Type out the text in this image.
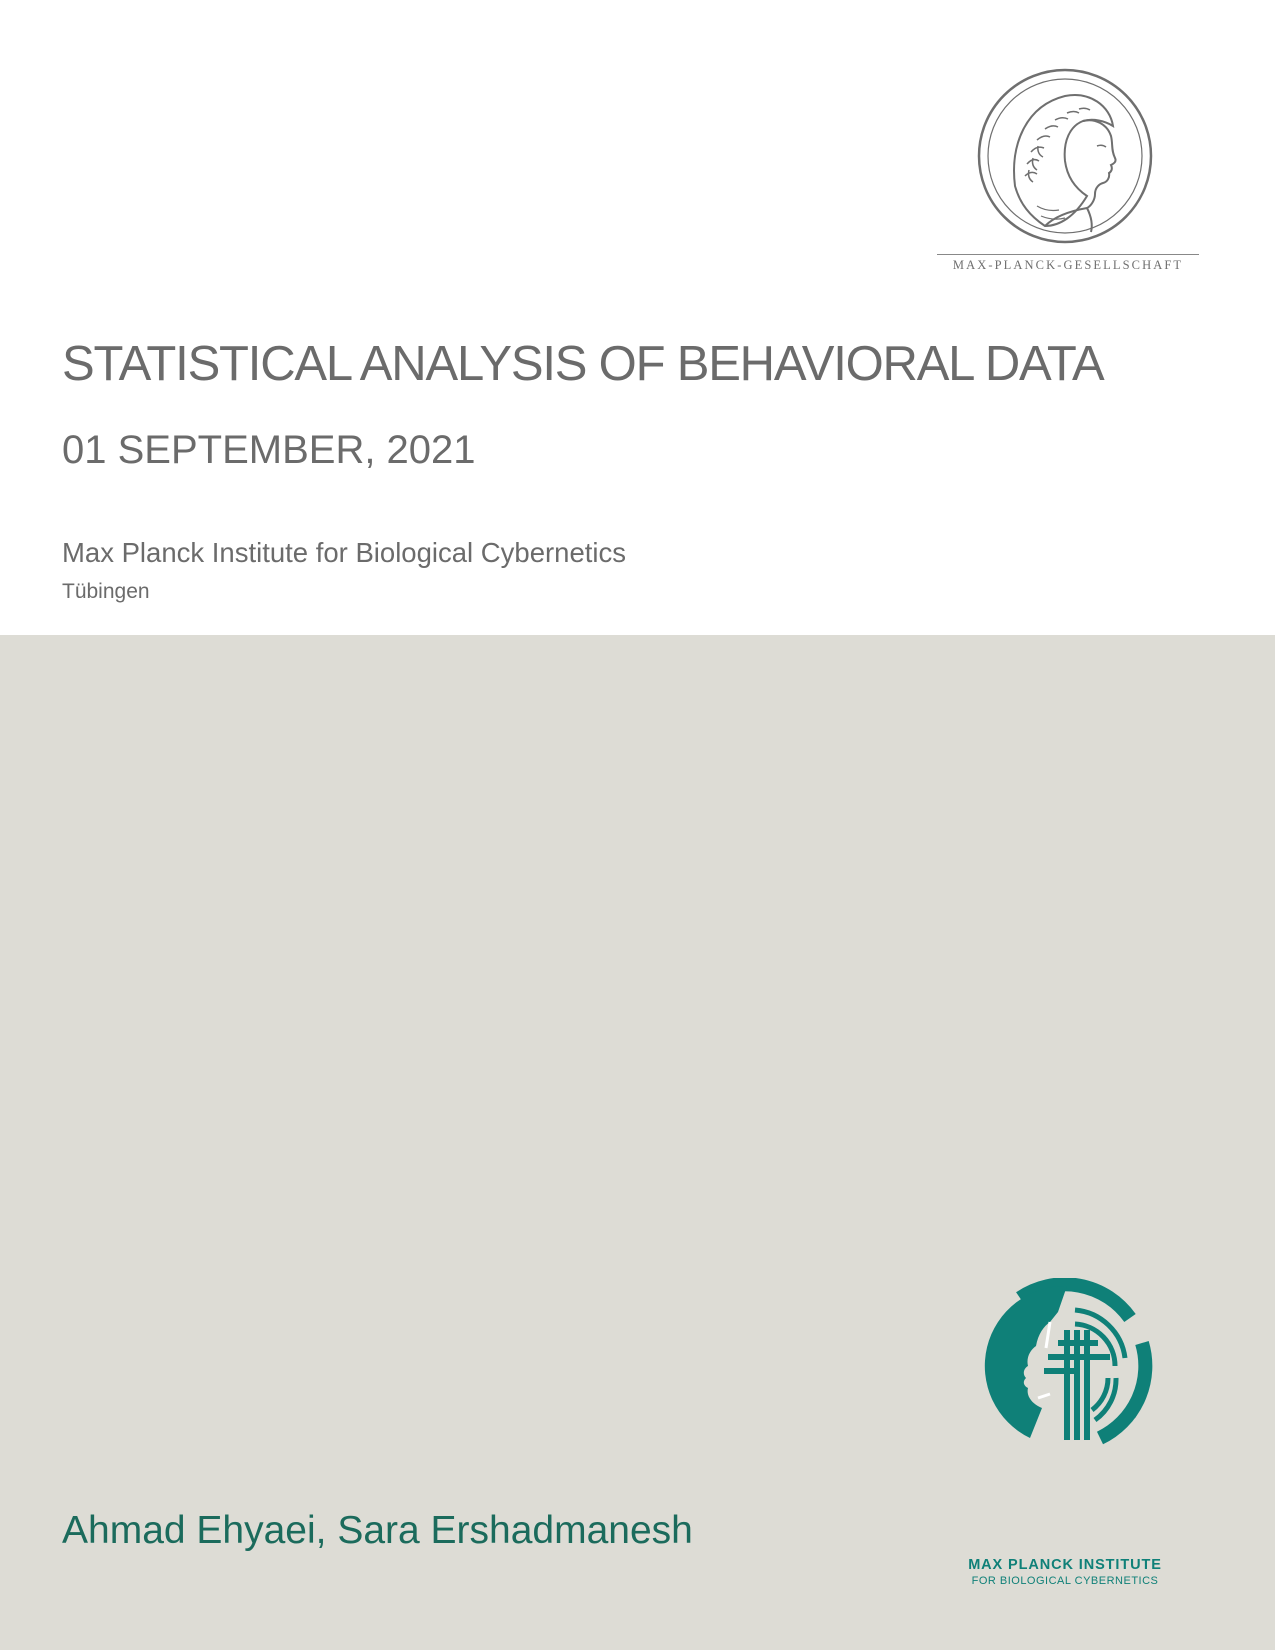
MAX-PLANCK-GESELLSCHAFT
STATISTICAL ANALYSIS OF BEHAVIORAL DATA
01 SEPTEMBER, 2021
Max Planck Institute for Biological Cybernetics
Tübingen
Ahmad Ehyaei, Sara Ershadmanesh
MAX PLANCK INSTITUTE
FOR BIOLOGICAL CYBERNETICS
